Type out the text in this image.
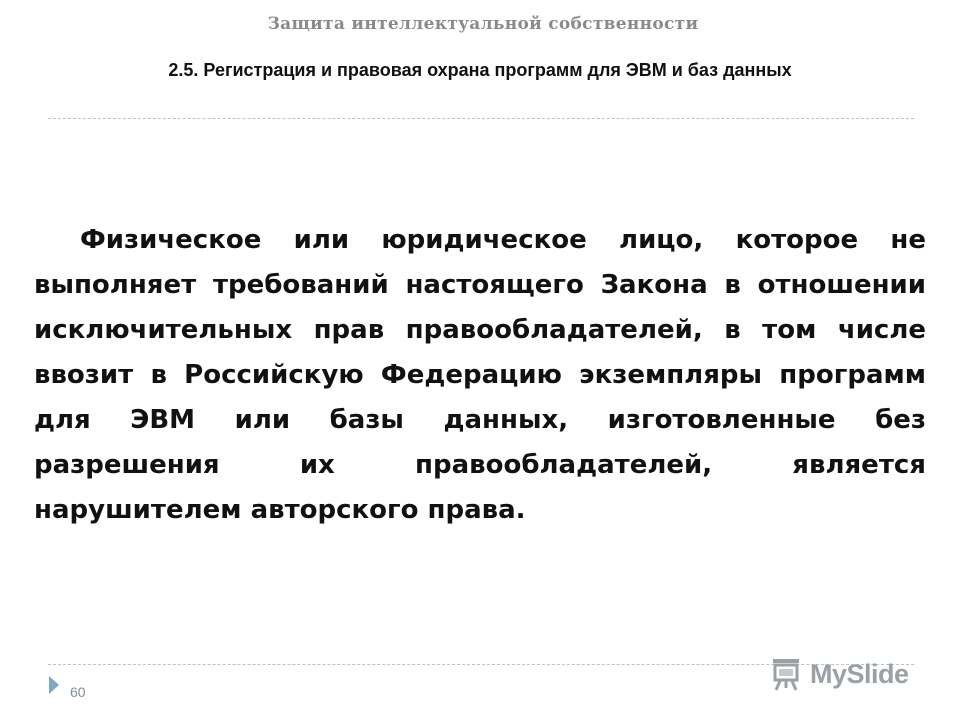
Защита интеллектуальной собственности
2.5. Регистрация и правовая охрана программ для ЭВМ и баз данных

Физическое или юридическое лицо, которое не выполняет требований настоящего Закона в отношении исключительных прав правообладателей, в том числе ввозит в Российскую Федерацию экземпляры программ для ЭВМ или базы данных, изготовленные без разрешения их правообладателей, является нарушителем авторского права.

60
MySlide
